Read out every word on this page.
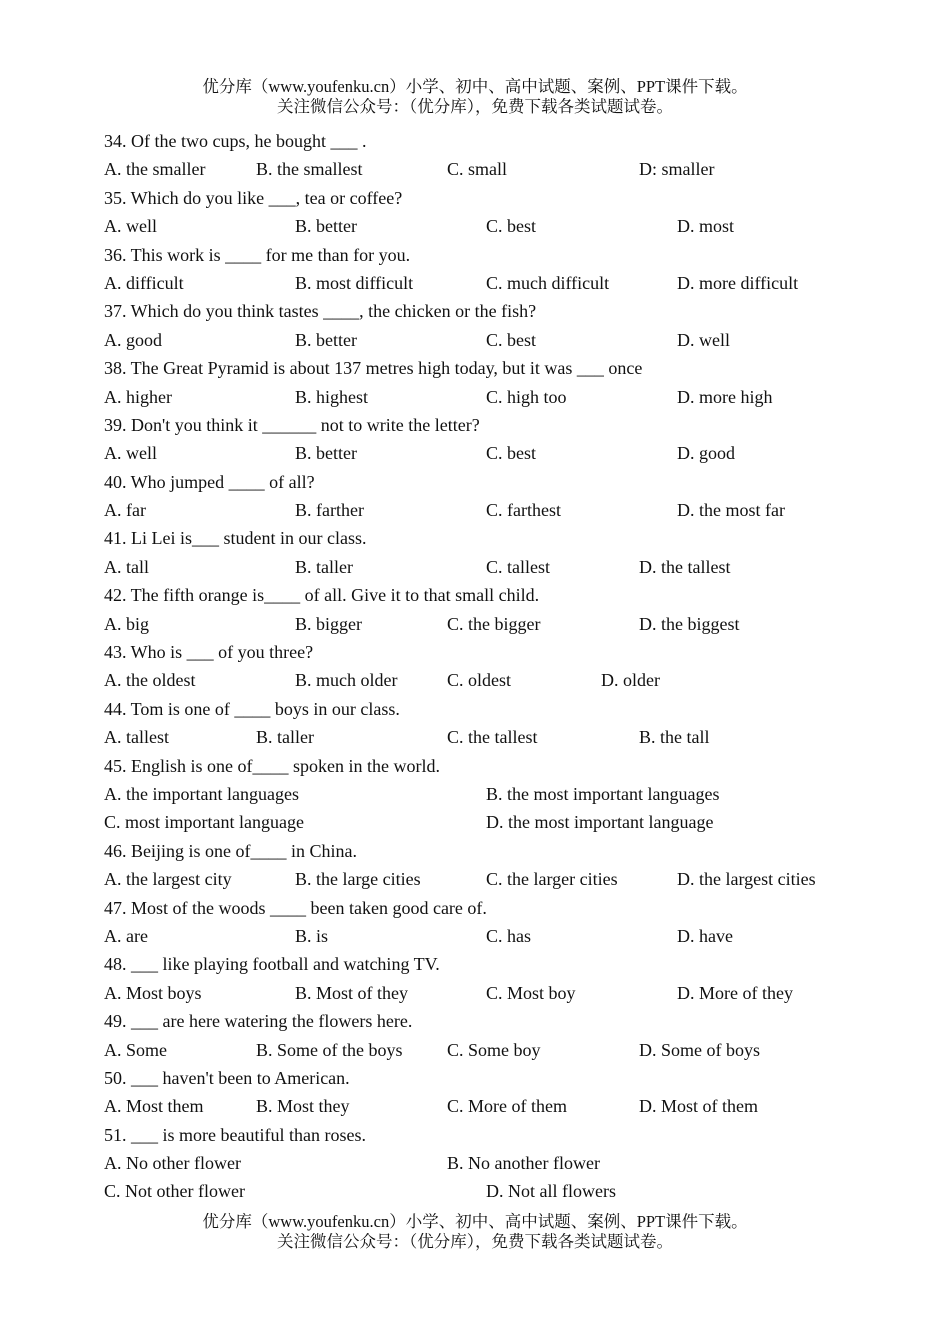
优分库（www.youfenku.cn）小学、初中、高中试题、案例、PPT课件下载。
关注微信公众号：（优分库），免费下载各类试题试卷。
34. Of the two cups, he bought ___ .
A. the smaller	B. the smallest	C. small	D: smaller
35. Which do you like ___, tea or coffee?
A. well	B. better	C. best	D. most
36. This work is ____ for me than for you.
A. difficult	B. most difficult	C. much difficult	D. more difficult
37. Which do you think tastes ____, the chicken or the fish?
A. good	B. better	C. best	D. well
38. The Great Pyramid is about 137 metres high today, but it was ___ once
A. higher	B. highest	C. high too	D. more high
39. Don't you think it ______ not to write the letter?
A. well	B. better	C. best	D. good
40. Who jumped ____ of all?
A. far	B. farther	C. farthest	D. the most far
41. Li Lei is___ student in our class.
A. tall	B. taller	C. tallest	D. the tallest
42. The fifth orange is____ of all. Give it to that small child.
A. big	B. bigger	C. the bigger	D. the biggest
43. Who is ___ of you three?
A. the oldest	B. much older	C. oldest	D. older
44. Tom is one of ____ boys in our class.
A. tallest	B. taller	C. the tallest	B. the tall
45. English is one of____ spoken in the world.
A. the important languages	B. the most important languages
C. most important language	D. the most important language
46. Beijing is one of____ in China.
A. the largest city	B. the large cities	C. the larger cities	D. the largest cities
47. Most of the woods ____ been taken good care of.
A. are	B. is	C. has	D. have
48. ___ like playing football and watching TV.
A. Most boys	B. Most of they	C. Most boy	D. More of they
49. ___ are here watering the flowers here.
A. Some	B. Some of the boys C. Some boy	D. Some of boys
50. ___ haven't been to American.
A. Most them	B. Most they	C. More of them	D. Most of them
51. ___ is more beautiful than roses.
A. No other flower	B. No another flower
C. Not other flower	D. Not all flowers
优分库（www.youfenku.cn）小学、初中、高中试题、案例、PPT课件下载。
关注微信公众号：（优分库），免费下载各类试题试卷。
